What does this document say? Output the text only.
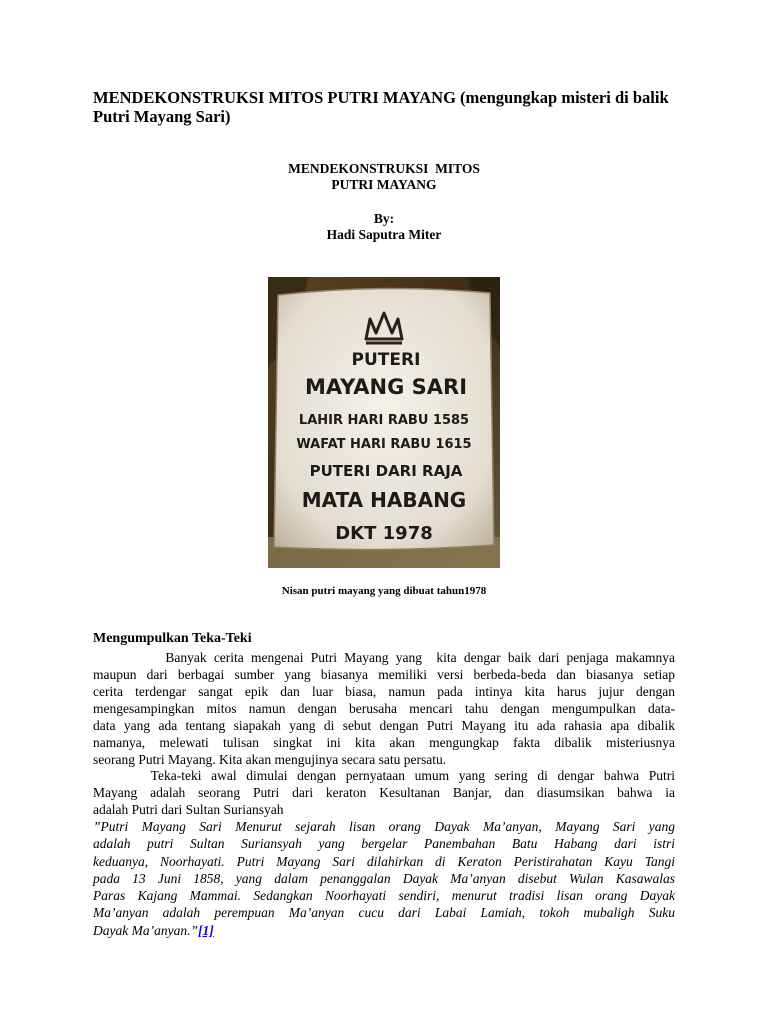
MENDEKONSTRUKSI MITOS PUTRI MAYANG (mengungkap misteri di balik Putri Mayang Sari)
MENDEKONSTRUKSI  MITOS
PUTRI MAYANG
By:
Hadi Saputra Miter
PUTERI
MAYANG SARI
LAHIR HARI RABU 1585
WAFAT HARI RABU 1615
PUTERI DARI RAJA
MATA HABANG
DKT 1978
Nisan putri mayang yang dibuat tahun1978
Mengumpulkan Teka-Teki
Banyak cerita mengenai Putri Mayang yang  kita dengar baik dari penjaga makamnya
maupun dari berbagai sumber yang biasanya memiliki versi berbeda-beda dan biasanya setiap
cerita terdengar sangat epik dan luar biasa, namun pada intinya kita harus jujur dengan
mengesampingkan mitos namun dengan berusaha mencari tahu dengan mengumpulkan data-
data yang ada tentang siapakah yang di sebut dengan Putri Mayang itu ada rahasia apa dibalik
namanya, melewati tulisan singkat ini kita akan mengungkap fakta dibalik misteriusnya
seorang Putri Mayang. Kita akan mengujinya secara satu persatu.
Teka-teki awal dimulai dengan pernyataan umum yang sering di dengar bahwa Putri
Mayang adalah seorang Putri dari keraton Kesultanan Banjar, dan diasumsikan bahwa ia
adalah Putri dari Sultan Suriansyah
”Putri Mayang Sari Menurut sejarah lisan orang Dayak Ma’anyan, Mayang Sari yang
adalah putri Sultan Suriansyah yang bergelar Panembahan Batu Habang dari istri
keduanya, Noorhayati. Putri Mayang Sari dilahirkan di Keraton Peristirahatan Kayu Tangi
pada 13 Juni 1858, yang dalam penanggalan Dayak Ma’anyan disebut Wulan Kasawalas
Paras Kajang Mammai. Sedangkan Noorhayati sendiri, menurut tradisi lisan orang Dayak
Ma’anyan adalah perempuan Ma’anyan cucu dari Labai Lamiah, tokoh mubaligh Suku
Dayak Ma’anyan.”[1]
